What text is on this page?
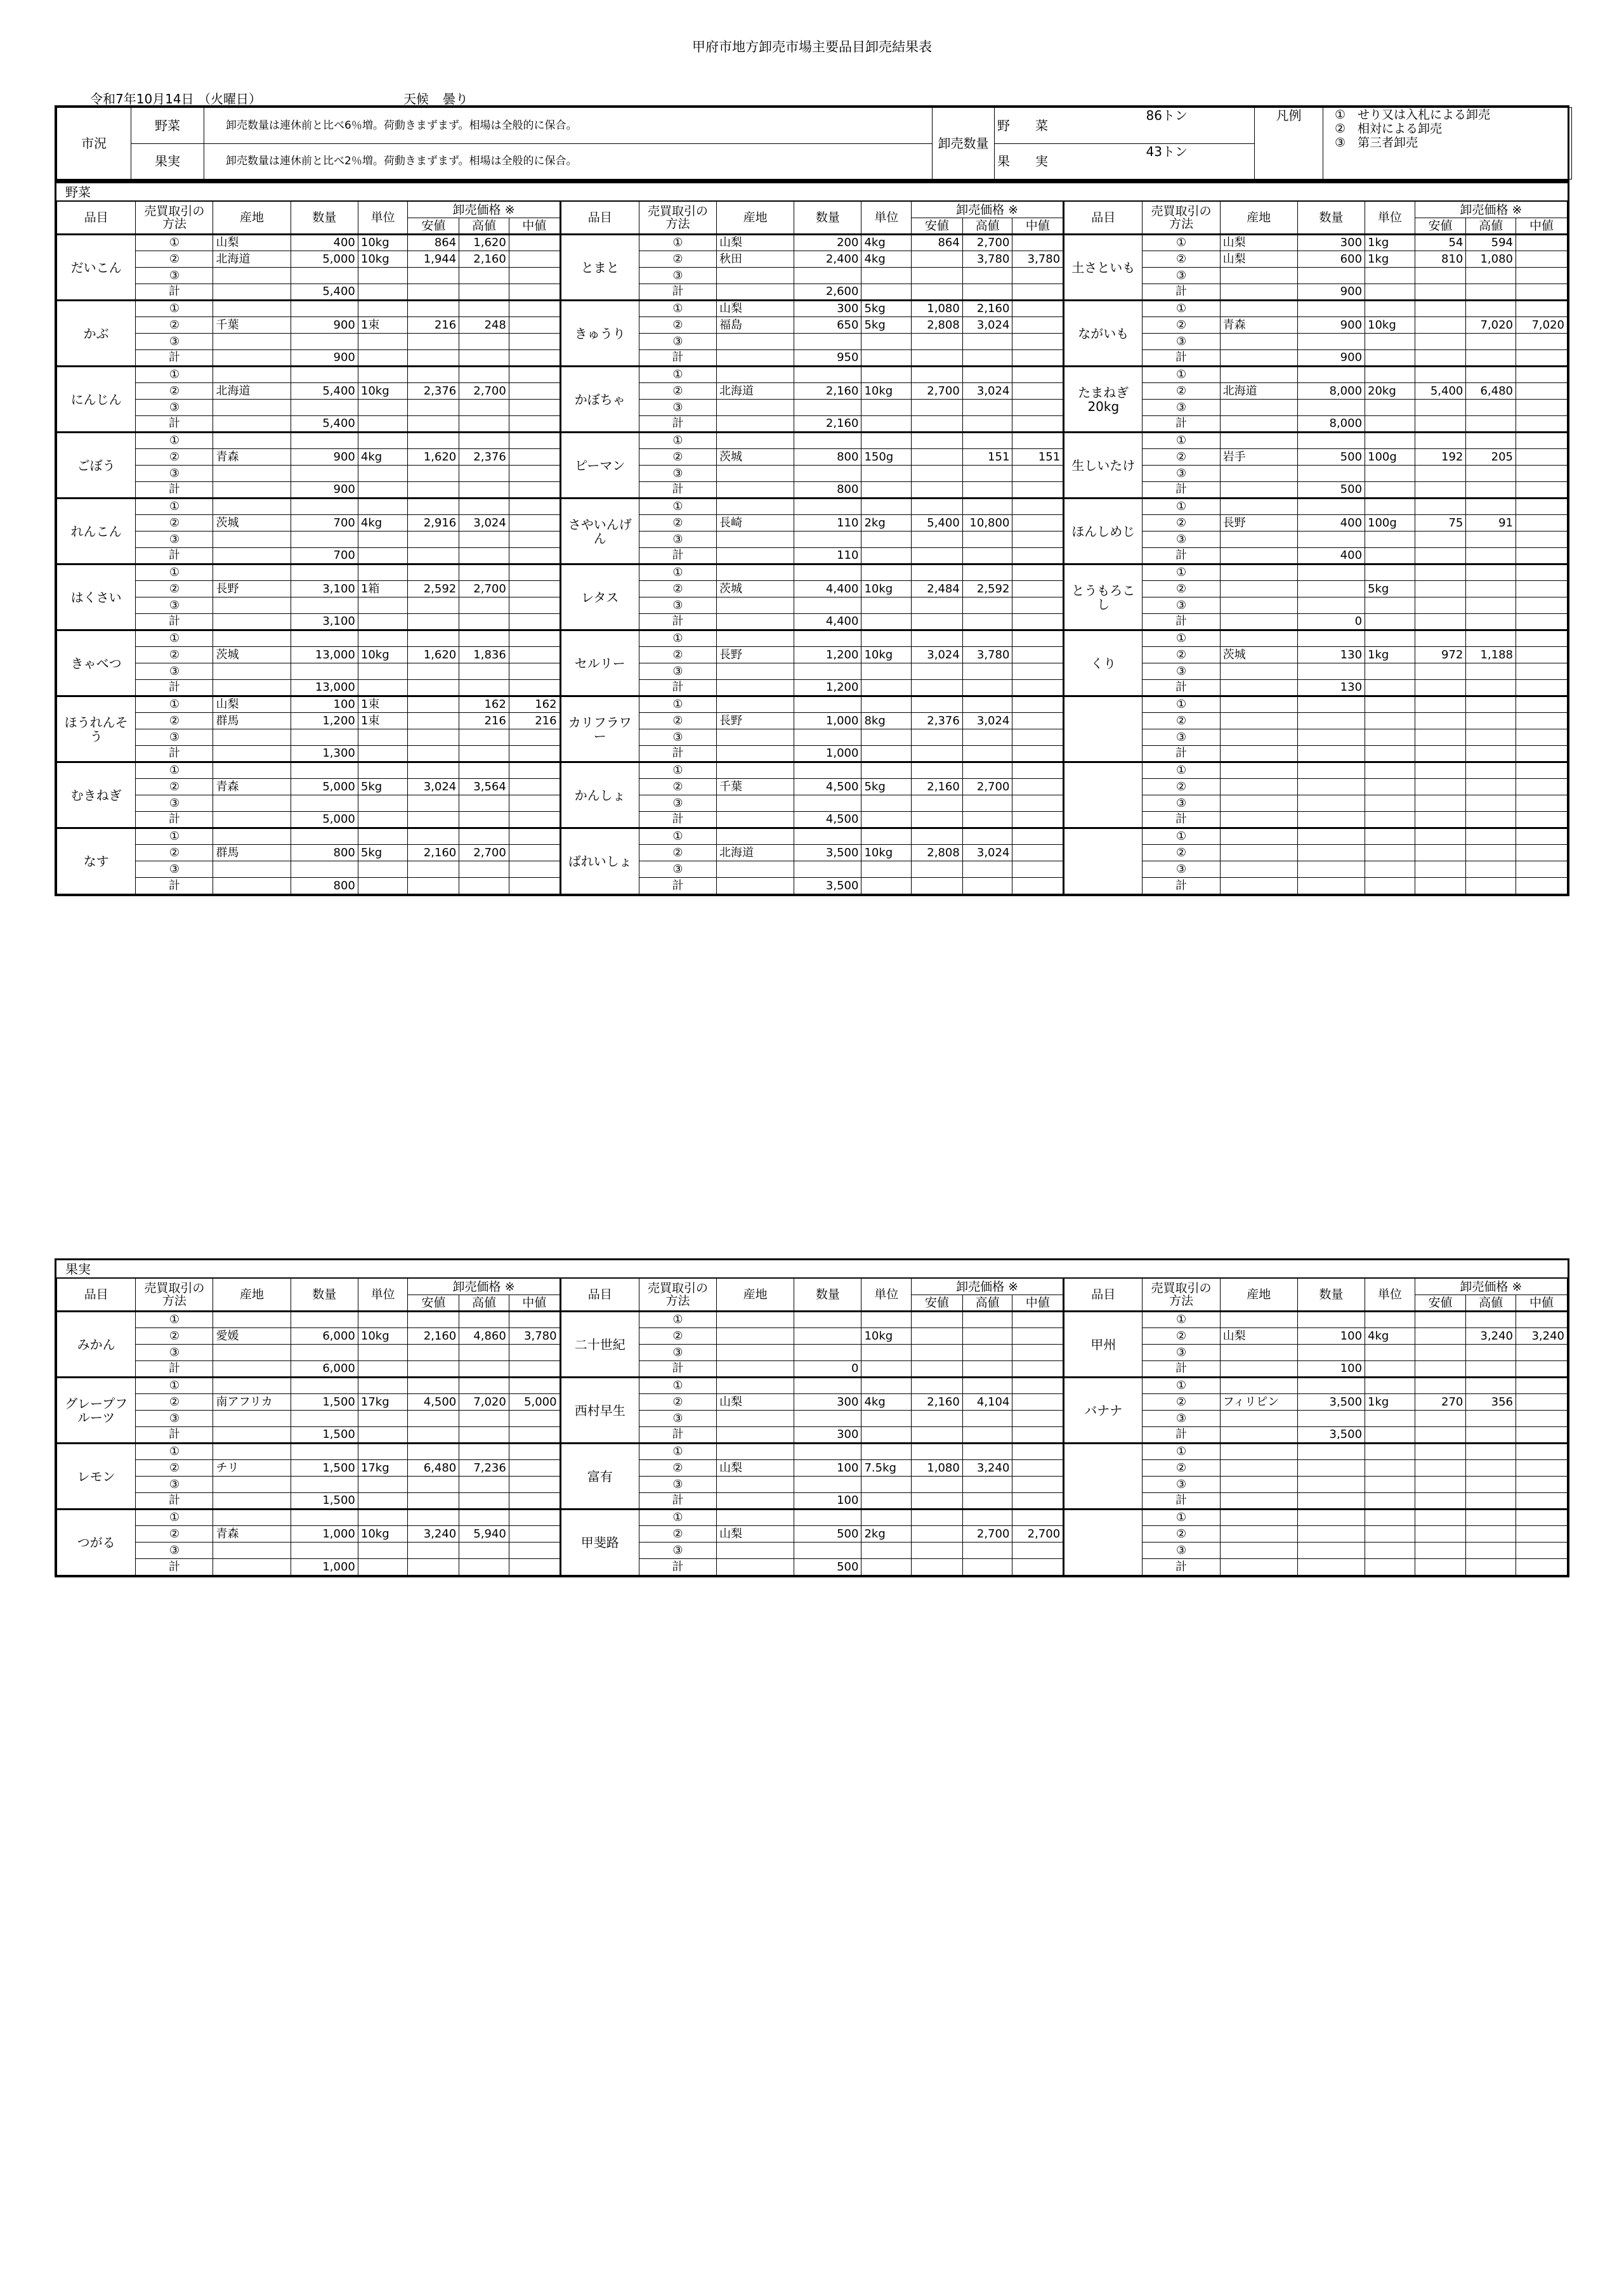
甲府市地方卸売市場主要品目卸売結果表
令和7年10月14日 （火曜日）	天候 曇り
市況	野菜	卸売数量は連休前と比べ6％増。荷動きまずまず。相場は全般的に保合。	卸売数量	野　　菜	86トン	凡例	①　せり又は入札による卸売
②　相対による卸売
③　第三者卸売

	果実	卸売数量は連休前と比べ2％増。荷動きまずまず。相場は全般的に保合。		果　　実	43トン		
野菜
品目	売買取引の方法	産地	数量	単位	卸売価格 ※			品目	売買取引の方法	産地	数量	単位	卸売価格 ※			品目	売買取引の方法	産地	数量	単位	卸売価格 ※		
					安値	高値	中値						安値	高値	中値						安値	高値	中値
だいこん	①	山梨	400	10kg	864	1,620		とまと	①	山梨	200	4kg	864	2,700		土さといも	①	山梨	300	1kg	54	594	
	②	北海道	5,000	10kg	1,944	2,160			②	秋田	2,400	4kg		3,780	3,780		②	山梨	600	1kg	810	1,080	
	③								③								③						
	計		5,400						計		2,600						計		900				
かぶ	①							きゅうり	①	山梨	300	5kg	1,080	2,160		ながいも	①						
	②	千葉	900	1束	216	248			②	福島	650	5kg	2,808	3,024			②	青森	900	10kg		7,020	7,020
	③								③								③						
	計		900						計		950						計		900				
にんじん	①							かぼちゃ	①							たまねぎ 20kg	①						
	②	北海道	5,400	10kg	2,376	2,700			②	北海道	2,160	10kg	2,700	3,024			②	北海道	8,000	20kg	5,400	6,480	
	③								③								③						
	計		5,400						計		2,160						計		8,000				
ごぼう	①							ピーマン	①							生しいたけ	①						
	②	青森	900	4kg	1,620	2,376			②	茨城	800	150g		151	151		②	岩手	500	100g	192	205	
	③								③								③						
	計		900						計		800						計		500				
れんこん	①							さやいんげん	①							ほんしめじ	①						
	②	茨城	700	4kg	2,916	3,024			②	長崎	110	2kg	5,400	10,800			②	長野	400	100g	75	91	
	③								③								③						
	計		700						計		110						計		400				
はくさい	①							レタス	①							とうもろこし	①						
	②	長野	3,100	1箱	2,592	2,700			②	茨城	4,400	10kg	2,484	2,592			②			5kg			
	③								③								③						
	計		3,100						計		4,400						計		0				
きゃべつ	①							セルリー	①							くり	①						
	②	茨城	13,000	10kg	1,620	1,836			②	長野	1,200	10kg	3,024	3,780			②	茨城	130	1kg	972	1,188	
	③								③								③						
	計		13,000						計		1,200						計		130				
ほうれんそう	①	山梨	100	1束		162	162	カリフラワー	①								①						
	②	群馬	1,200	1束		216	216		②	長野	1,000	8kg	2,376	3,024			②						
	③								③								③						
	計		1,300						計		1,000						計						
むきねぎ	①							かんしょ	①								①						
	②	青森	5,000	5kg	3,024	3,564			②	千葉	4,500	5kg	2,160	2,700			②						
	③								③								③						
	計		5,000						計		4,500						計						
なす	①							ばれいしょ	①								①						
	②	群馬	800	5kg	2,160	2,700			②	北海道	3,500	10kg	2,808	3,024			②						
	③								③								③						
	計		800						計		3,500						計						
果実
品目	売買取引の方法	産地	数量	単位	卸売価格 ※			品目	売買取引の方法	産地	数量	単位	卸売価格 ※			品目	売買取引の方法	産地	数量	単位	卸売価格 ※		
					安値	高値	中値						安値	高値	中値						安値	高値	中値
みかん	①							二十世紀	①							甲州	①						
	②	愛媛	6,000	10kg	2,160	4,860	3,780		②			10kg					②	山梨	100	4kg		3,240	3,240
	③								③								③						
	計		6,000						計		0						計		100				
グレープフルーツ	①							西村早生	①							バナナ	①						
	②	南アフリカ	1,500	17kg	4,500	7,020	5,000		②	山梨	300	4kg	2,160	4,104			②	フィリピン	3,500	1kg	270	356	
	③								③								③						
	計		1,500						計		300						計		3,500				
レモン	①							富有	①								①						
	②	チリ	1,500	17kg	6,480	7,236			②	山梨	100	7.5kg	1,080	3,240			②						
	③								③								③						
	計		1,500						計		100						計						
つがる	①							甲斐路	①								①						
	②	青森	1,000	10kg	3,240	5,940			②	山梨	500	2kg		2,700	2,700		②						
	③								③								③						
	計		1,000						計		500						計						
